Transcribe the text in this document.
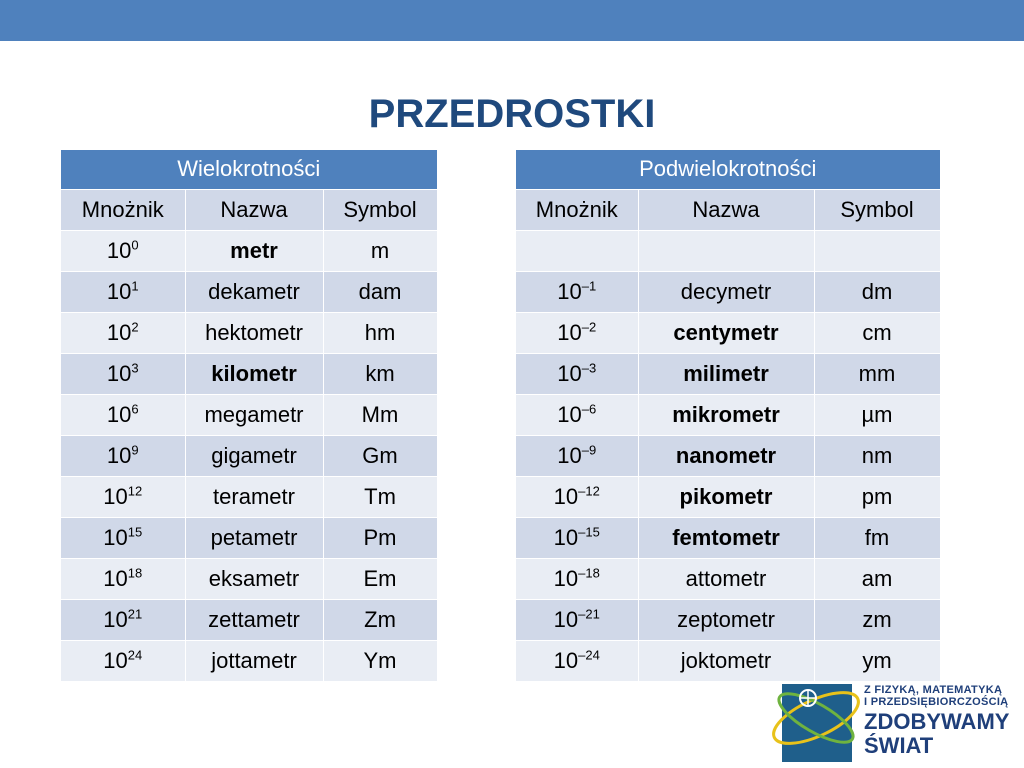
PRZEDROSTKI
Wielokrotności		
Mnożnik	Nazwa	Symbol
$10^0$	metr	m
$10^1$	dekametr	dam
$10^2$	hektometr	hm
$10^3$	kilometr	km
$10^6$	megametr	Mm
$10^9$	gigametr	Gm
$10^{12}$	terametr	Tm
$10^{15}$	petametr	Pm
$10^{18}$	eksametr	Em
$10^{21}$	zettametr	Zm
$10^{24}$	jottametr	Ym
Podwielokrotności		
Mnożnik	Nazwa	Symbol

$10^{-1}$	decymetr	dm
$10^{-2}$	centymetr	cm
$10^{-3}$	milimetr	mm
$10^{-6}$	mikrometr	µm
$10^{-9}$	nanometr	nm
$10^{-12}$	pikometr	pm
$10^{-15}$	femtometr	fm
$10^{-18}$	attometr	am
$10^{-21}$	zeptometr	zm
$10^{-24}$	joktometr	ym
Z FIZYKĄ, MATEMATYKĄ
I PRZEDSIĘBIORCZOŚCIĄ
ZDOBYWAMY
ŚWIAT
